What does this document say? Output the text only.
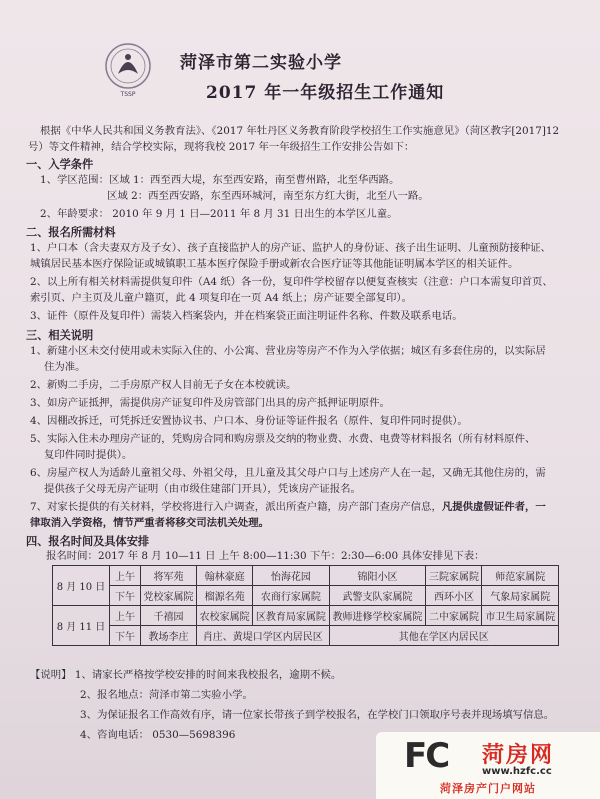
TSSP
菏泽市第二实验小学
2017 年一年级招生工作通知
根据《中华人民共和国义务教育法》、《2017 年牡丹区义务教育阶段学校招生工作实施意见》（菏区教字[2017]12
号）等文件精神，结合学校实际，现将我校 2017 年一年级招生工作安排公告如下：
一、入学条件
1、学区范围：区域 1：西至西大堤，东至西安路，南至曹州路，北至华西路。
区域 2：西至西安路，东至西环城河，南至东方红大街，北至八一路。
2、年龄要求： 2010 年 9 月 1 日—2011 年 8 月 31 日出生的本学区儿童。
二、报名所需材料
1、户口本（含夫妻双方及子女）、孩子直接监护人的房产证、监护人的身份证、孩子出生证明、儿童预防接种证、
城镇居民基本医疗保险证或城镇职工基本医疗保险手册或新农合医疗证等其他能证明属本学区的相关证件。
2、以上所有相关材料需提供复印件（A4 纸）各一份，复印件学校留存以便复查核实（注意：户口本需复印首页、
索引页、户主页及儿童户籍页，此 4 项复印在一页 A4 纸上；房产证要全部复印）。
3、证件（原件及复印件）需装入档案袋内，并在档案袋正面注明证件名称、件数及联系电话。
三、相关说明
1、新建小区未交付使用或未实际入住的、小公寓、营业房等房产不作为入学依据；城区有多套住房的，以实际居
住为准。
2、新购二手房，二手房原产权人目前无子女在本校就读。
3、如房产证抵押，需提供房产证复印件及房管部门出具的房产抵押证明原件。
4、因棚改拆迁，可凭拆迁安置协议书、户口本、身份证等证件报名（原件、复印件同时提供）。
5、实际入住未办理房产证的，凭购房合同和购房票及交纳的物业费、水费、电费等材料报名（所有材料原件、
复印件同时提供）。
6、房屋产权人为适龄儿童祖父母、外祖父母，且儿童及其父母户口与上述房产人在一起，又确无其他住房的，需
提供孩子父母无房产证明（由市级住建部门开具），凭该房产证报名。
7、对家长提供的有关材料，学校将进行入户调查，派出所查户籍，房产部门查房产信息，凡提供虚假证件者，一
律取消入学资格，情节严重者将移交司法机关处理。
四、报名时间及具体安排
报名时间：2017 年 8 月 10—11 日 上午 8:00—11:30 下午：2:30—6:00 具体安排见下表：
8 月 10 日	上午	将军苑	翰林豪庭	怡海花园	锦阳小区	三院家属院	师范家属院
	下午	党校家属院	榴源名苑	农商行家属院	武警支队家属院	西环小区	气象局家属院
8 月 11 日	上午	千禧园	农校家属院	区教育局家属院	教师进修学校家属院	二中家属院	市卫生局家属院
	下午	教场李庄	肖庄、黄堤口学区内居民区		其他在学区内居民区		
【说明】 1、请家长严格按学校安排的时间来我校报名，逾期不候。
2、报名地点：菏泽市第二实验小学。
3、为保证报名工作高效有序，请一位家长带孩子到学校报名，在学校门口领取序号表并现场填写信息。
4、咨询电话： 0530—5698396
FC 菏房网
www.hzfc.cc
菏泽房产门户网站
